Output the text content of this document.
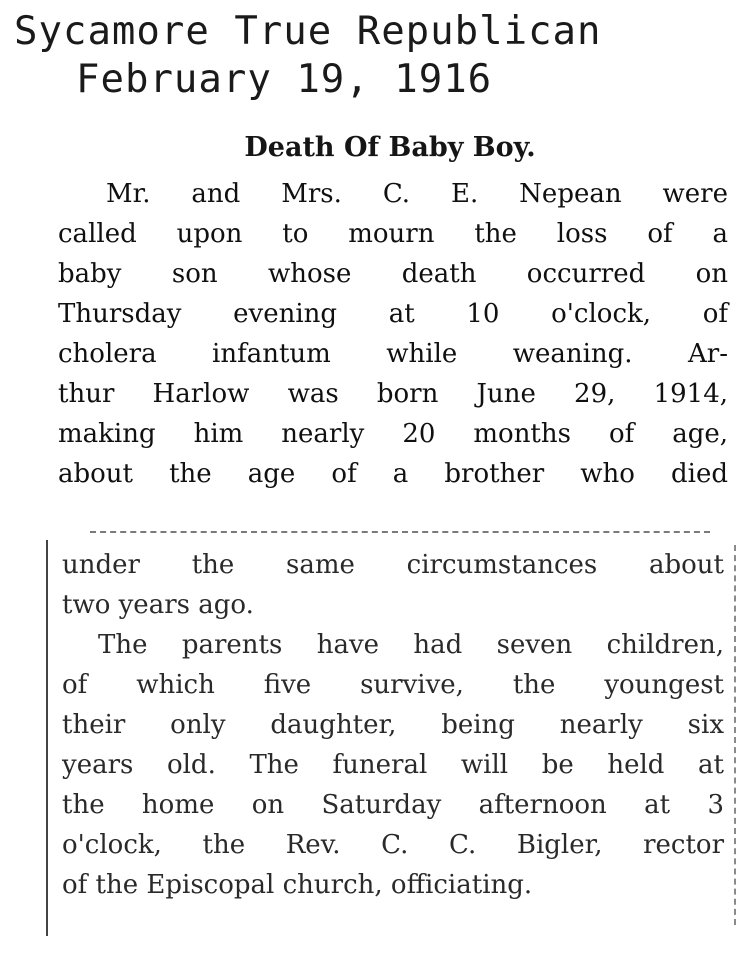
Sycamore True Republican
February 19, 1916
Death Of Baby Boy.
Mr. and Mrs. C. E. Nepean were
called upon to mourn the loss of a
baby son whose death occurred on
Thursday evening at 10 o'clock, of
cholera infantum while weaning. Ar-
thur Harlow was born June 29, 1914,
making him nearly 20 months of age,
about the age of a brother who died
under the same circumstances about
two years ago.
The parents have had seven children,
of which five survive, the youngest
their only daughter, being nearly six
years old. The funeral will be held at
the home on Saturday afternoon at 3
o'clock, the Rev. C. C. Bigler, rector
of the Episcopal church, officiating.
